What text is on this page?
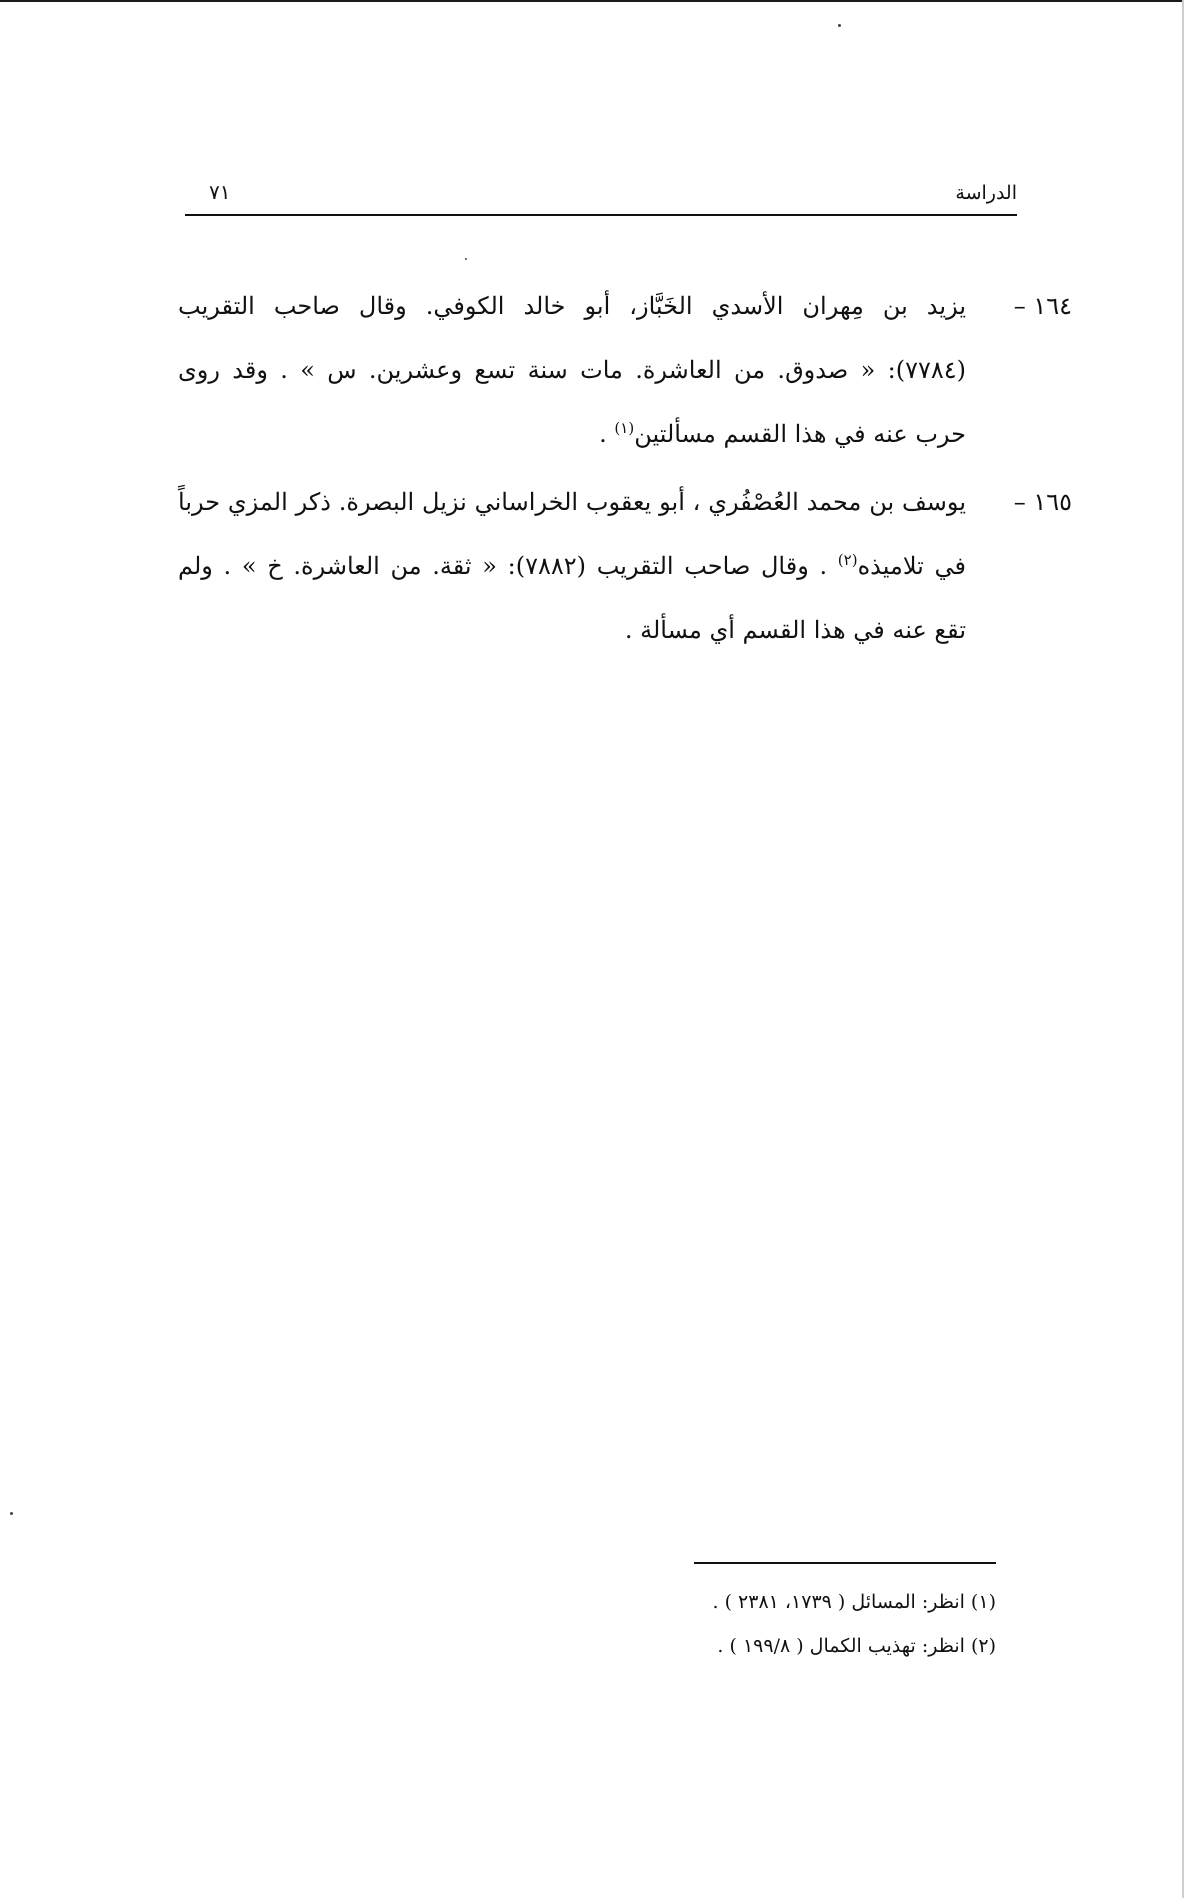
الدراسة
٧١
١٦٤ –
يزيد بن مِهران الأسدي الخَبَّاز، أبو خالد الكوفي. وقال صاحب التقريب
(٧٧٨٤): « صدوق. من العاشرة. مات سنة تسع وعشرين. س » . وقد روى
حرب عنه في هذا القسم مسألتين$^{(١)}$ .
١٦٥ –
يوسف بن محمد العُصْفُري ، أبو يعقوب الخراساني نزيل البصرة. ذكر المزي حرباً
في تلاميذه$^{(٢)}$ . وقال صاحب التقريب (٧٨٨٢): « ثقة. من العاشرة. خ » . ولم
تقع عنه في هذا القسم أي مسألة .
(١) انظر: المسائل ( ١٧٣٩، ٢٣٨١ ) .
(٢) انظر: تهذيب الكمال ( ١٩٩/٨ ) .
